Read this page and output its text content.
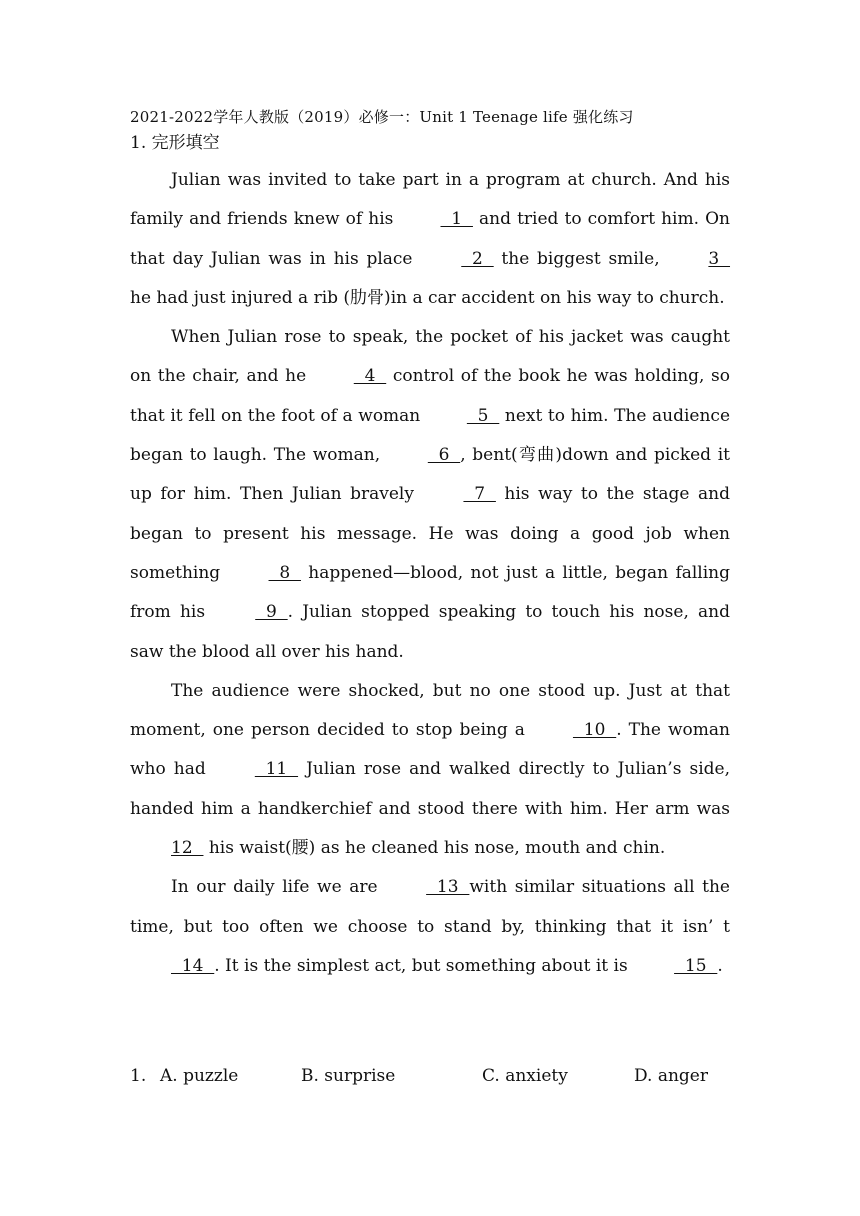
2021-2022学年人教版（2019）必修一：Unit 1 Teenage life 强化练习
1. 完形填空

Julian was invited to take part in a program at church. And his family and friends knew of his   1   and tried to comfort him. On that day Julian was in his place   2   the biggest smile, 3   he had just injured a rib (肋骨)in a car accident on his way to church.

When Julian rose to speak, the pocket of his jacket was caught on the chair, and he   4   control of the book he was holding, so that it fell on the foot of a woman   5   next to him. The audience began to laugh. The woman,   6  , bent(弯曲)down and picked it up for him. Then Julian bravely   7   his way to the stage and began to present his message. He was doing a good job when something   8   happened—blood, not just a little, began falling from his   9  . Julian stopped speaking to touch his nose, and saw the blood all over his hand.

The audience were shocked, but no one stood up. Just at that moment, one person decided to stop being a   10  . The woman who had   11   Julian rose and walked directly to Julian’s side, handed him a handkerchief and stood there with him. Her arm was 12   his waist(腰) as he cleaned his nose, mouth and chin.

In our daily life we are   13  with similar situations all the time, but too often we choose to stand by, thinking that it isn’ t   14  . It is the simplest act, but something about it is   15  .

1. A. puzzle	B. surprise	C. anxiety	D. anger
